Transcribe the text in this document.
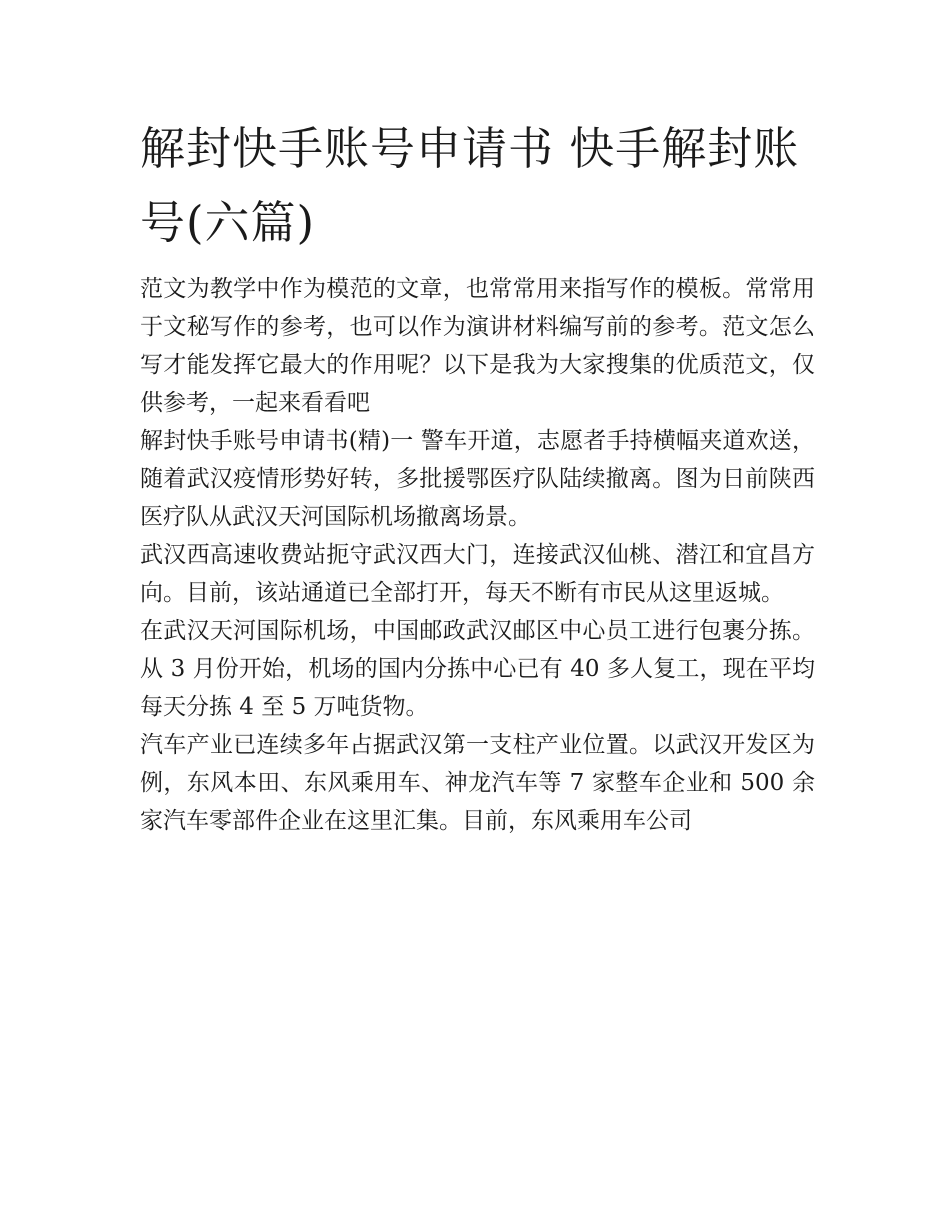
解封快手账号申请书 快手解封账号(六篇)

范文为教学中作为模范的文章，也常常用来指写作的模板。常常用于文秘写作的参考，也可以作为演讲材料编写前的参考。范文怎么写才能发挥它最大的作用呢？以下是我为大家搜集的优质范文，仅供参考，一起来看看吧

解封快手账号申请书(精)一 警车开道，志愿者手持横幅夹道欢送，随着武汉疫情形势好转，多批援鄂医疗队陆续撤离。图为日前陕西医疗队从武汉天河国际机场撤离场景。

武汉西高速收费站扼守武汉西大门，连接武汉仙桃、潜江和宜昌方向。目前，该站通道已全部打开，每天不断有市民从这里返城。

在武汉天河国际机场，中国邮政武汉邮区中心员工进行包裹分拣。从 3 月份开始，机场的国内分拣中心已有 40 多人复工，现在平均每天分拣 4 至 5 万吨货物。

汽车产业已连续多年占据武汉第一支柱产业位置。以武汉开发区为例，东风本田、东风乘用车、神龙汽车等 7 家整车企业和 500 余家汽车零部件企业在这里汇集。目前，东风乘用车公司
